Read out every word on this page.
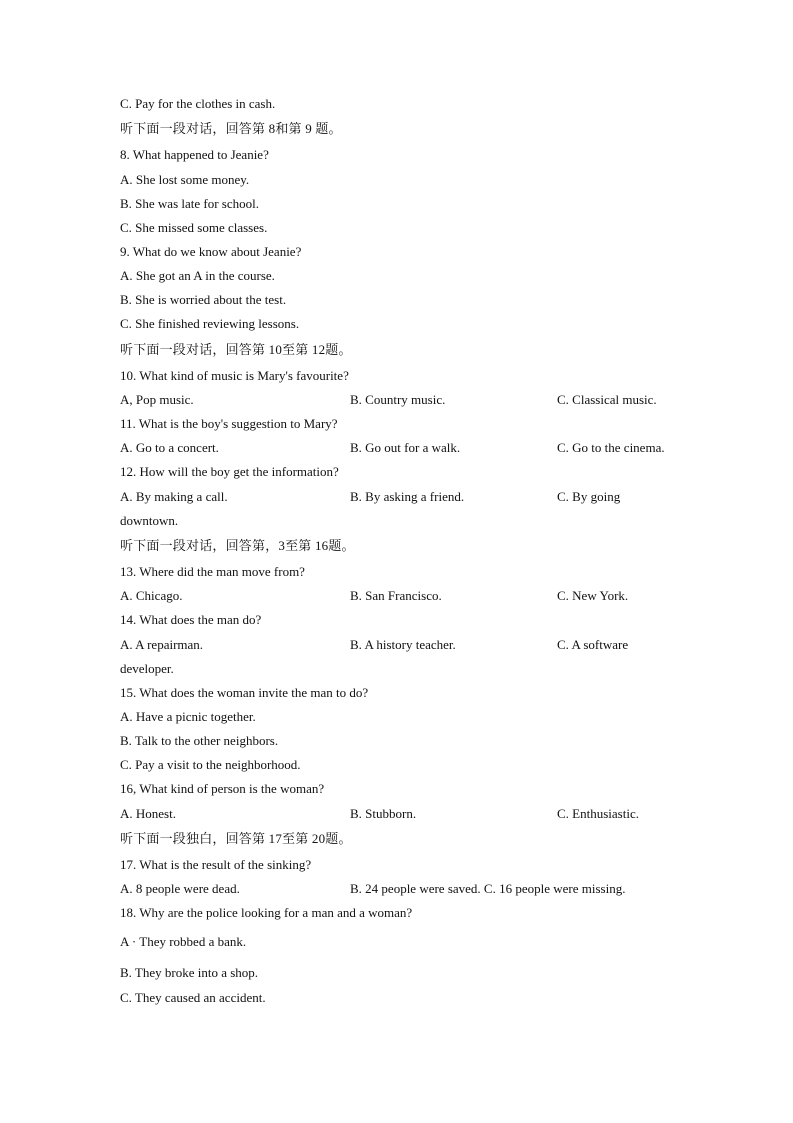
C. Pay for the clothes in cash.
听下面一段对话，回答第 8和第 9 题。
8. What happened to Jeanie?
A. She lost some money.
B. She was late for school.
C. She missed some classes.
9. What do we know about Jeanie?
A. She got an A in the course.
B. She is worried about the test.
C. She finished reviewing lessons.
听下面一段对话，回答第 10至第 12题。
10. What kind of music is Mary's favourite?
A, Pop music.	B. Country music.	C. Classical music.
11. What is the boy's suggestion to Mary?
A. Go to a concert.	B. Go out for a walk.	C. Go to the cinema.
12. How will the boy get the information?
A. By making a call.	B. By asking a friend.	C. By going
downtown.
听下面一段对话，回答第，3至第 16题。
13. Where did the man move from?
A. Chicago.	B. San Francisco.	C. New York.
14. What does the man do?
A. A repairman.	B. A history teacher.	C. A software
developer.
15. What does the woman invite the man to do?
A. Have a picnic together.
B. Talk to the other neighbors.
C. Pay a visit to the neighborhood.
16, What kind of person is the woman?
A. Honest.	B. Stubborn.	C. Enthusiastic.
听下面一段独白，回答第 17至第 20题。
17. What is the result of the sinking?
A. 8 people were dead.	B. 24 people were saved. C. 16 people were missing.
18. Why are the police looking for a man and a woman?
A · They robbed a bank.
B. They broke into a shop.
C. They caused an accident.
